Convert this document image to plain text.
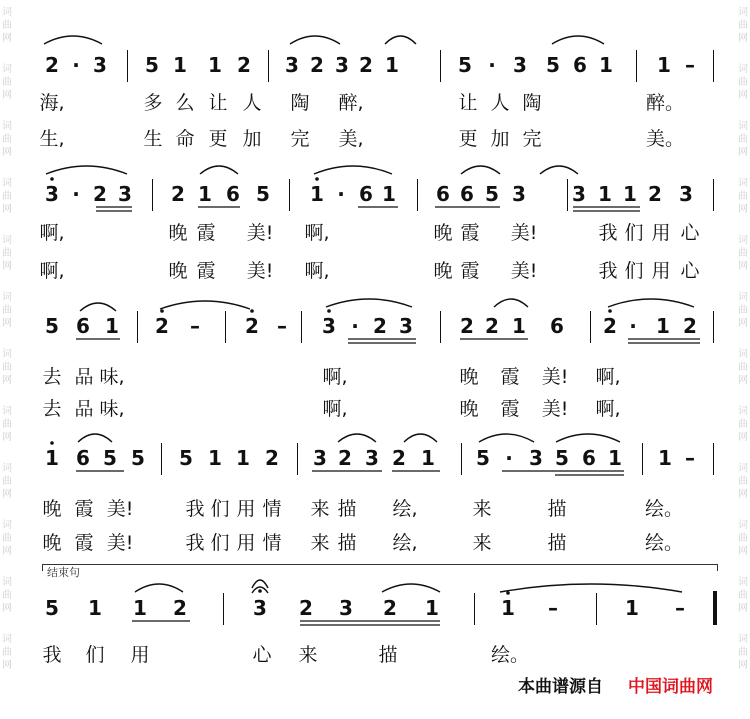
词
曲
网
词
曲
网
词
曲
网
词
曲
网
词
曲
网
词
曲
网
词
曲
网
词
曲
网
词
曲
网
词
曲
网
词
曲
网
词
曲
网
词
曲
网
词
曲
网
词
曲
网
词
曲
网
词
曲
网
词
曲
网
词
曲
网
词
曲
网
词
曲
网
词
曲
网
词
曲
网
词
曲
网
2 · 3 5 1 1 2 3 2 3 2 1	5 · 3 5 6 1 1 –
海,	多 么 让 人 陶 醉,	让 人 陶	醉。
生,	生 命 更 加 完 美,	更 加 完	美。
3 · 2 3 2 1 6 5 1 · 6 1 6 6 5 3 3 1 1 2 3
啊,	晚 霞 美! 啊,	晚 霞 美!	我 们 用 心
啊,	晚 霞 美! 啊,	晚 霞 美!	我 们 用 心
5 6 1 2 – 2 – 3 · 2 3 2 2 1 6 2 · 1 2
去 品 味,	啊,	晚 霞 美! 啊,
去 品 味,	啊,	晚 霞 美! 啊,
1 6 5 5 5 1 1 2 3 2 3 2 1 5 · 3 5 6 1 1 –
晚 霞 美!	我 们 用 情 来 描 绘,	来	描	绘。
晚 霞 美!	我 们 用 情 来 描 绘,	来	描	绘。
5 1 1 2	3 2 3 2 1	1 –	1 –
我 们 用	心 来	描	绘。
结束句
本曲谱源自 中国词曲网
